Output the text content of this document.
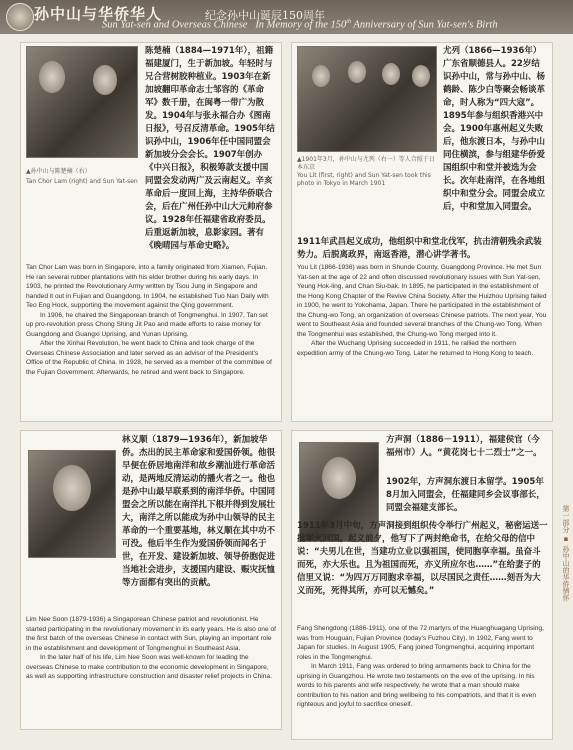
孙中山与华侨华人	纪念孙中山诞辰150周年
Sun Yat-sen and Overseas Chinese In Memory of the 150th Anniversary of Sun Yat-sen's Birth
▲孙中山与陈楚楠（右）
Tan Chor Lam (right) and Sun Yat-sen
陈楚楠（1884—1971年），祖籍福建厦门，生于新加坡。年轻时与兄合营树胶种植业。1903年在新加坡翻印革命志士邹容的《革命军》数千册，在闽粤一带广为散发。1904年与张永福合办《图南日报》，号召反清革命。1905年结识孙中山，1906年任中国同盟会新加坡分会会长。1907年创办《中兴日报》，积极筹款支援中国同盟会发动两广及云南起义。辛亥革命后一度回上海，主持华侨联合会，后在广州任孙中山大元帅府参议。1928年任福建省政府委员。后重返新加坡，息影家园。著有《晚晴园与革命史略》。

Tan Chor Lam was born in Singapore, into a family originated from Xiamen, Fujian. He ran several rubber plantations with his elder brother during his early days. In 1903, he printed the Revolutionary Army written by Tsou Jung in Singapore and handed it out in Fujian and Guangdong. In 1904, he established Tuo Nan Daily with Teo Eng Hock, supporting the movement against the Qing government.

In 1906, he chaired the Singaporean branch of Tongmenghui. In 1907, Tan set up pro-revolution press Chong Shing Jit Pao and made efforts to raise money for Guangdong and Guangxi Uprising, and Yunan Uprising.

After the Xinhai Revolution, he went back to China and took charge of the Overseas Chinese Association and later served as an advisor of the President's Office of the Republic of China. In 1928, he served as a member of the committee of the Fujian Government. Afterwards, he retired and went back to Singapore.

尤列（1866—1936年）广东省顺德县人。22岁结识孙中山，常与孙中山、杨鹤龄、陈少白等聚会畅谈革命，时人称为“四大寇”。1895年参与组织香港兴中会。1900年惠州起义失败后，他东渡日本，与孙中山同住横滨，参与组建华侨爱国组织中和堂并被选为会长。次年赴南洋，在各地组织中和堂分会。同盟会成立后，中和堂加入同盟会。
▲1901年3月，孙中山与尤列（右一）等人合照于日本东京
You Lit (first, right) and Sun Yat-sen took this photo in Tokyo in March 1901
1911年武昌起义成功，他组织中和堂北伐军，抗击清朝残余武装势力。后脱离政界，南返香港，潜心讲学著书。

You Lit (1866-1936) was born in Shunde County, Guangdong Province. He met Sun Yat-sen at the age of 22 and often discussed revolutionary issues with Sun Yat-sen, Yeung Hok-ling, and Chan Siu-bak. In 1895, he participated in the establishment of the Hong Kong Chapter of the Revive China Society. After the Huizhou Uprising failed in 1900, he went to Yokohama, Japan. There he participated in the establishment of the Chung-wo Tong, an organization of overseas Chinese patriots. The next year, You went to Southeast Asia and founded several branches of the Chung-wo Tong. When the Tongmenhui was established, the Chung-wo Tong merged into it.

After the Wuchang Uprising succeeded in 1911, he rallied the northern expedition army of the Chung-wo Tong. Later he returned to Hong Kong to teach.

林义顺（1879—1936年），新加坡华侨。杰出的民主革命家和爱国侨领。他很早便在侨居地南洋和故乡潮汕进行革命活动，是两地反清运动的播火者之一。他也是孙中山最早联系到的南洋华侨。中国同盟会之所以能在南洋扎下根并得到发展壮大，南洋之所以能成为孙中山领导的民主革命的一个重要基地，林义顺在其中功不可没。他后半生作为爱国侨领而闻名于世，在开发、建设新加坡、领导侨胞促进当地社会进步，支援国内建设、赈灾抚恤等方面都有突出的贡献。

Lim Nee Soon (1879-1936) a Singaporean Chinese patriot and revolutionist. He started participating in the revolutionary movement in its early years. He is also one of the first batch of the overseas Chinese in contact with Sun, playing an important role in the establishment and development of Tongmenghui in Southeast Asia.

In the later half of his life, Lim Nee Soon was well-known for leading the overseas Chinese to make contribution to the economic development in Singapore, as well as supporting infrastructure construction and disaster relief projects in China.

方声洞（1886－1911），福建侯官（今福州市）人。“黄花岗七十二烈士”之一。
1902年，方声洞东渡日本留学。1905年8月加入同盟会，任福建同乡会议事部长，同盟会福建支部长。
1911年3月中旬，方声洞接到组织传令举行广州起义，秘密运送一批军火回国。起义前夕，他写下了两封绝命书，在给父母的信中说：“夫男儿在世，当建功立业以强祖国，使同胞享幸福。虽奋斗而死，亦大乐也。且为祖国而死，亦义所应尔也……”在给妻子的信里又说：“为四万万同胞求幸福，以尽国民之责任……刻吾为大义而死，死得其所，亦可以无憾矣。”

Fang Shengdong (1886-1911), one of the 72 martyrs of the Huanghuagang Uprising, was from Houguan, Fujian Province (today's Fuzhou City). In 1902, Fang went to Japan for studies. In August 1905, Fang joined Tongmenghui, acquiring important roles in the Tongmenghui.

In March 1911, Fang was ordered to bring armaments back to China for the uprising in Guangzhou. He wrote two testaments on the eve of the uprising. In his words to his parents and wife respectively, he wrote that a man should make contribution to his nation and bring wellbeing to his compatriots, and that it is even righteous and joyful to sacrifice oneself.

第一部分 ▪ 孙中山的华侨情怀
